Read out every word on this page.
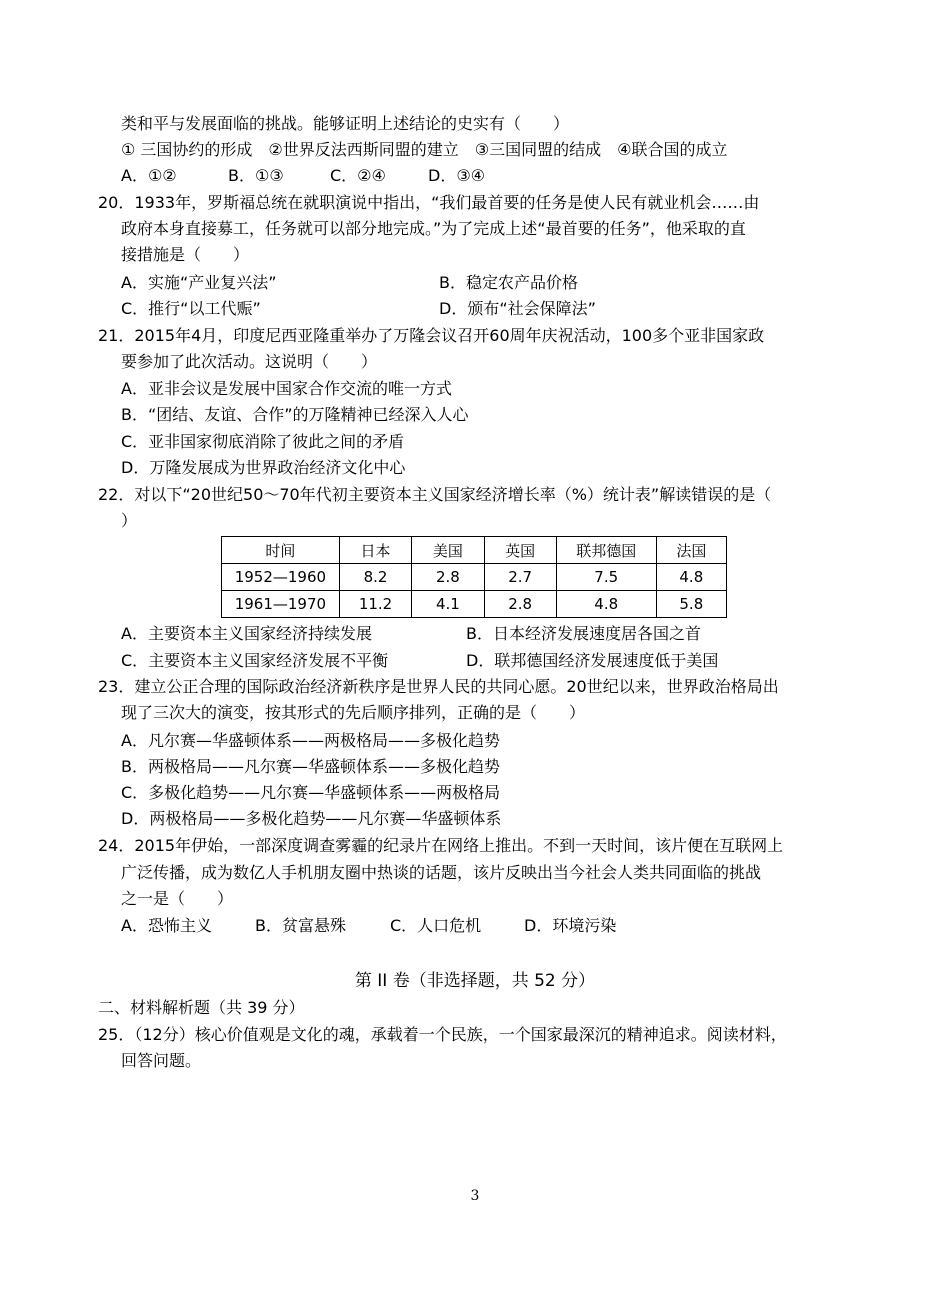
类和平与发展面临的挑战。能够证明上述结论的史实有（　　）
① 三国协约的形成　②世界反法西斯同盟的建立　③三国同盟的结成　④联合国的成立
A．①②	B．①③	C．②④	D．③④
20．1933年，罗斯福总统在就职演说中指出，“我们最首要的任务是使人民有就业机会……由
政府本身直接募工，任务就可以部分地完成。”为了完成上述“最首要的任务”，他采取的直
接措施是（　　）
A．实施“产业复兴法”	B．稳定农产品价格
C．推行“以工代赈”	D．颁布“社会保障法”
21．2015年4月，印度尼西亚隆重举办了万隆会议召开60周年庆祝活动，100多个亚非国家政
要参加了此次活动。这说明（　　）
A．亚非会议是发展中国家合作交流的唯一方式
B．“团结、友谊、合作”的万隆精神已经深入人心
C．亚非国家彻底消除了彼此之间的矛盾
D．万隆发展成为世界政治经济文化中心
22．对以下“20世纪50～70年代初主要资本主义国家经济增长率（%）统计表”解读错误的是（
）
时间	日本	美国	英国	联邦德国	法国
1952—1960	8.2	2.8	2.7	7.5	4.8
1961—1970	11.2	4.1	2.8	4.8	5.8
A．主要资本主义国家经济持续发展	B．日本经济发展速度居各国之首
C．主要资本主义国家经济发展不平衡	D．联邦德国经济发展速度低于美国
23．建立公正合理的国际政治经济新秩序是世界人民的共同心愿。20世纪以来，世界政治格局出
现了三次大的演变，按其形式的先后顺序排列，正确的是（　　）
A．凡尔赛—华盛顿体系——两极格局——多极化趋势
B．两极格局——凡尔赛—华盛顿体系——多极化趋势
C．多极化趋势——凡尔赛—华盛顿体系——两极格局
D．两极格局——多极化趋势——凡尔赛—华盛顿体系
24．2015年伊始，一部深度调查雾霾的纪录片在网络上推出。不到一天时间，该片便在互联网上
广泛传播，成为数亿人手机朋友圈中热谈的话题，该片反映出当今社会人类共同面临的挑战
之一是（　　）
A．恐怖主义	B．贫富悬殊	C．人口危机	D．环境污染
第 II 卷（非选择题，共 52 分）
二、材料解析题（共 39 分）
25．（12分）核心价值观是文化的魂，承载着一个民族，一个国家最深沉的精神追求。阅读材料，
回答问题。
3
